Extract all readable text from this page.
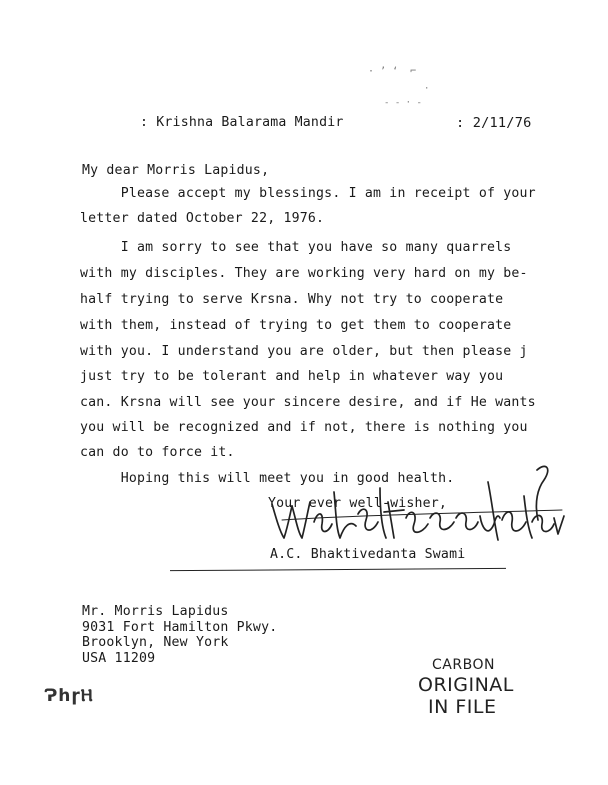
· ’ ‘  ⌐
·
- - · -
: Krishna Balarama Mandir	: 2/11/76
My dear Morris Lapidus,
Please accept my blessings. I am in receipt of your
letter dated October 22, 1976.
I am sorry to see that you have so many quarrels
with my disciples. They are working very hard on my be-
half trying to serve Krsna. Why not try to cooperate
with them, instead of trying to get them to cooperate
with you. I understand you are older, but then please j
just try to be tolerant and help in whatever way you
can. Krsna will see your sincere desire, and if He wants
you will be recognized and if not, there is nothing you
can do to force it.
Hoping this will meet you in good health.
Your ever well-wisher,
A.C. Bhaktivedanta Swami
Mr. Morris Lapidus
9031 Fort Hamilton Pkwy.
Brooklyn, New York
USA 11209
ɁһɼⲎ
CARBON
ORIGINAL
IN FILE
